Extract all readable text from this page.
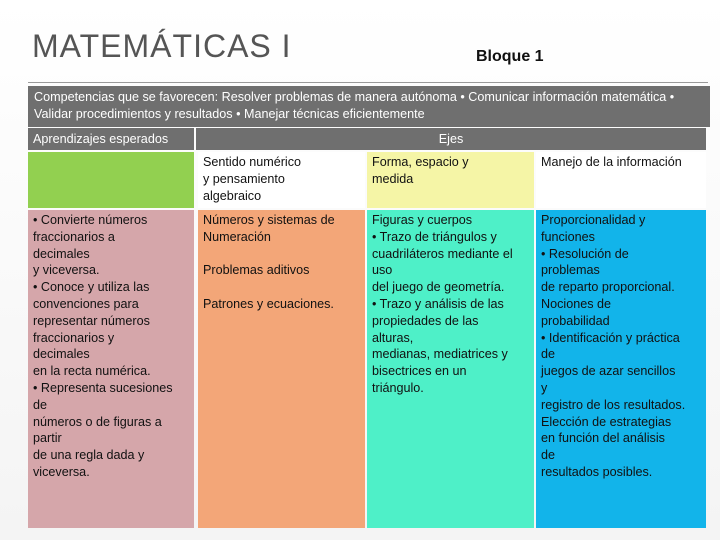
MATEMÁTICAS I	Bloque 1
Competencias que se favorecen: Resolver problemas de manera autónoma • Comunicar información matemática • Validar procedimientos y resultados • Manejar técnicas eficientemente
Aprendizajes esperados	Ejes
Sentido numérico
y pensamiento
algebraico
Forma, espacio y
medida
Manejo de la información
• Convierte números
fraccionarios a
decimales
y viceversa.
• Conoce y utiliza las
convenciones para
representar números
fraccionarios y
decimales
en la recta numérica.
• Representa sucesiones
de
números o de figuras a
partir
de una regla dada y
viceversa.
Números y sistemas de
Numeración

Problemas aditivos

Patrones y ecuaciones.
Figuras y cuerpos
• Trazo de triángulos y
cuadriláteros mediante el
uso
del juego de geometría.
• Trazo y análisis de las
propiedades de las
alturas,
medianas, mediatrices y
bisectrices en un
triángulo.
Proporcionalidad y
funciones
• Resolución de
problemas
de reparto proporcional.
Nociones de
probabilidad
• Identificación y práctica
de
juegos de azar sencillos
y
registro de los resultados.
Elección de estrategias
en función del análisis
de
resultados posibles.
